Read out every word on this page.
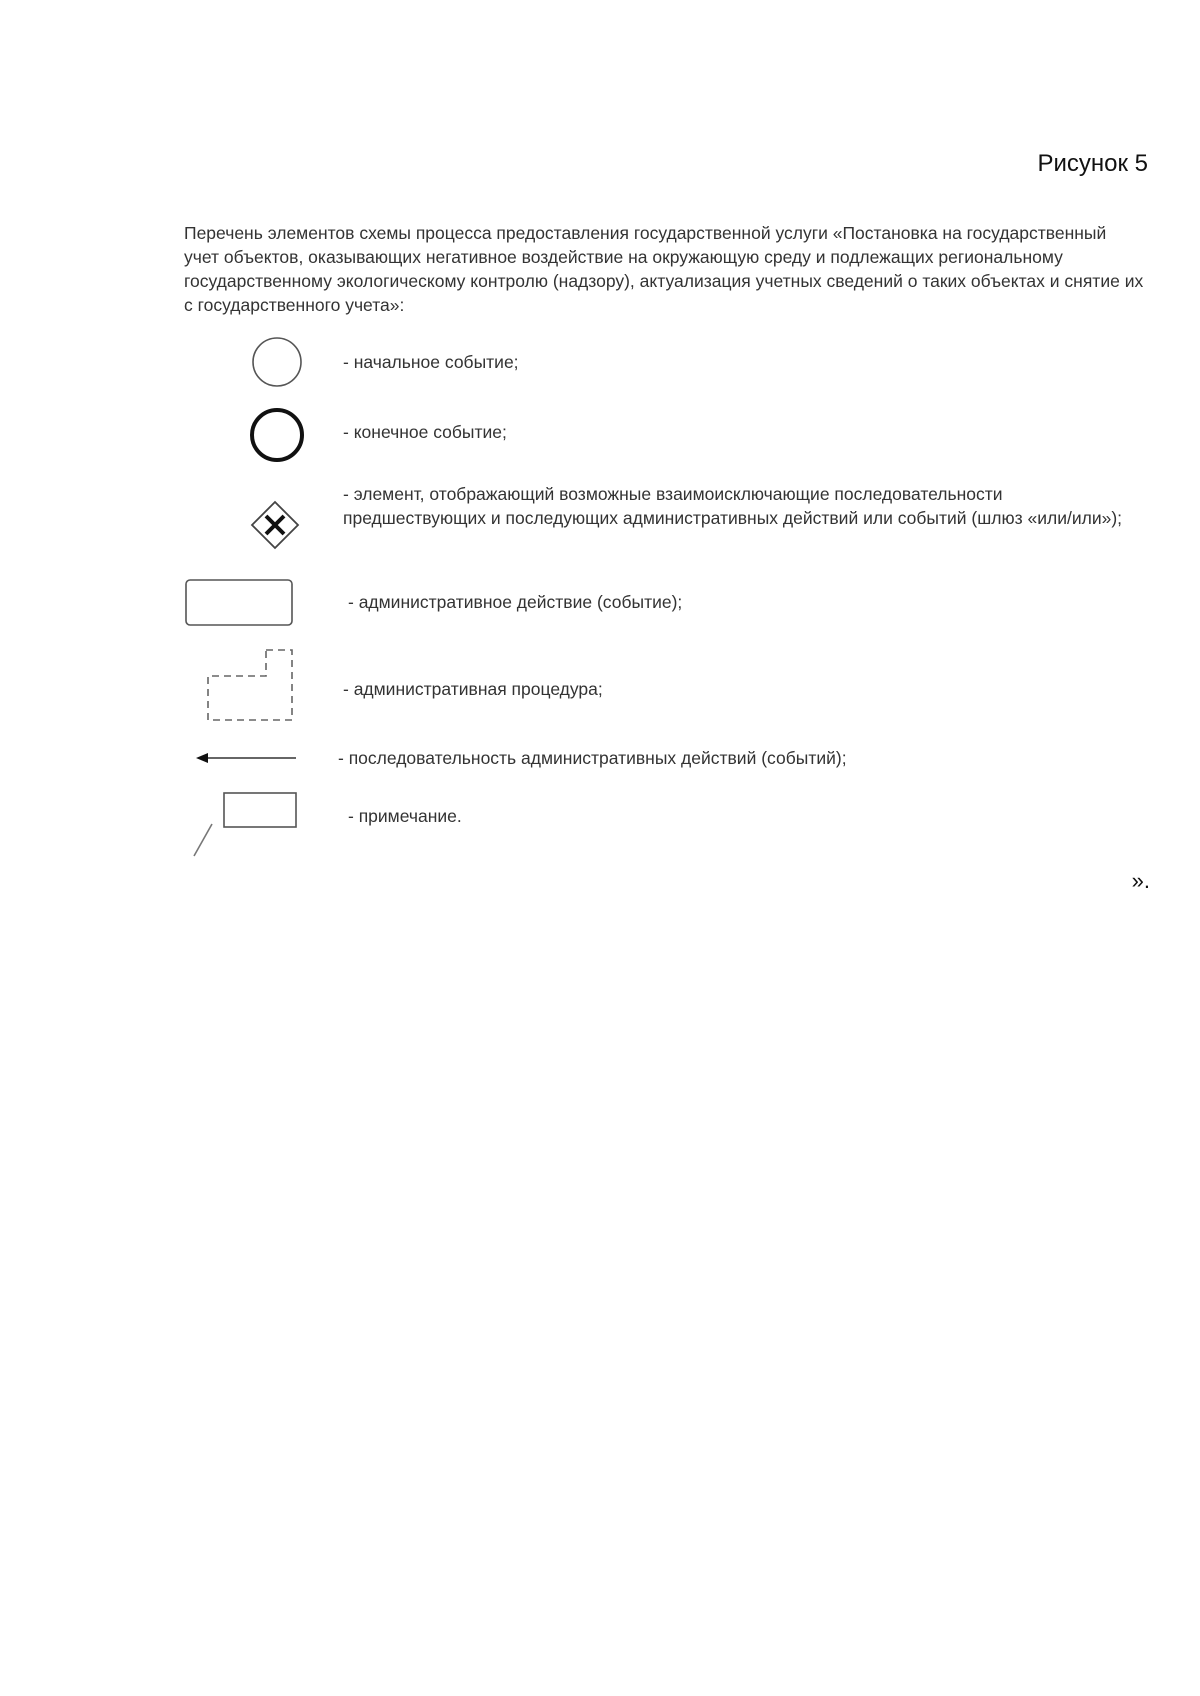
Рисунок 5
Перечень элементов схемы процесса предоставления государственной услуги «Постановка на государственный учет объектов, оказывающих негативное воздействие на окружающую среду и подлежащих региональному государственному экологическому контролю (надзору), актуализация учетных сведений о таких объектах и снятие их с государственного учета»:
- начальное событие;
- конечное событие;
- элемент, отображающий возможные взаимоисключающие последовательности предшествующих и последующих административных действий или событий (шлюз «или/или»);
- административное действие (событие);
- административная процедура;
- последовательность административных действий (событий);
- примечание.
».
